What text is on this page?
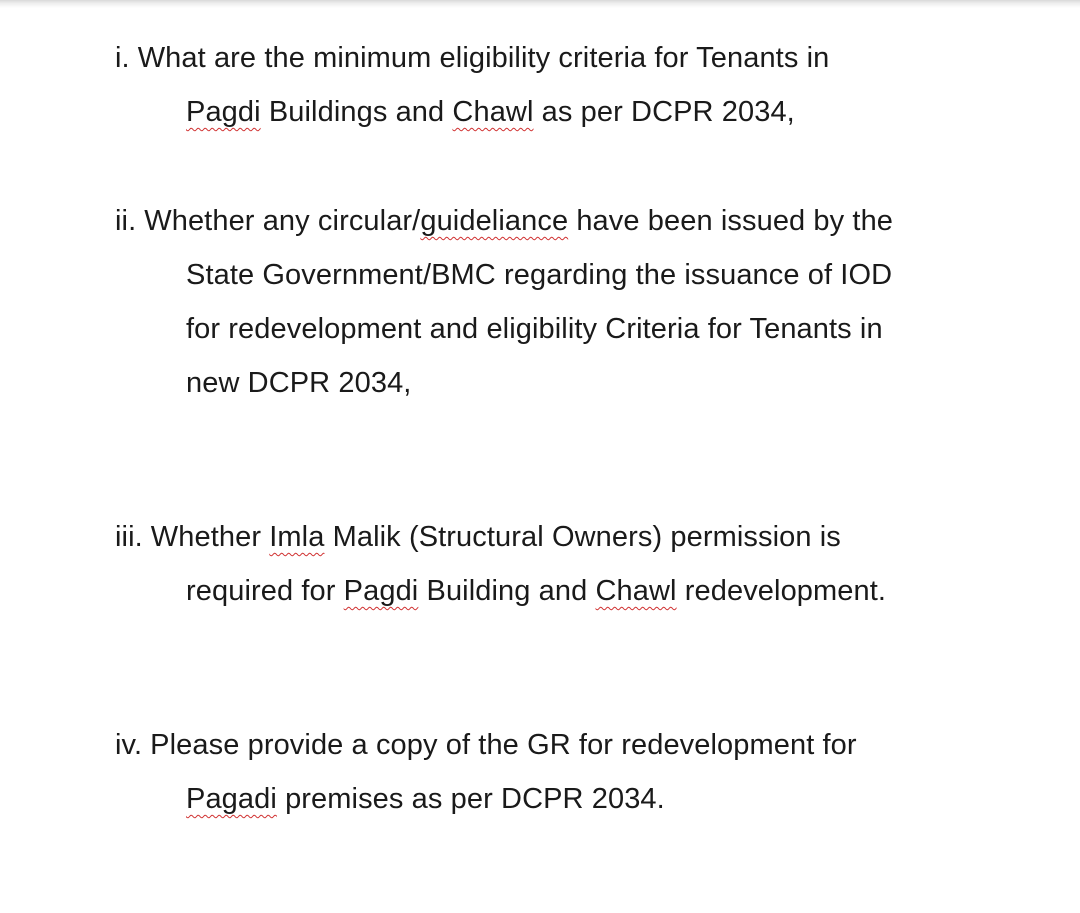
i. What are the minimum eligibility criteria for Tenants in
Pagdi Buildings and Chawl as per DCPR 2034,
ii. Whether any circular/guideliance have been issued by the
State Government/BMC regarding the issuance of IOD
for redevelopment and eligibility Criteria for Tenants in
new DCPR 2034,
iii. Whether Imla Malik (Structural Owners) permission is
required for Pagdi Building and Chawl redevelopment.
iv. Please provide a copy of the GR for redevelopment for
Pagadi premises as per DCPR 2034.
